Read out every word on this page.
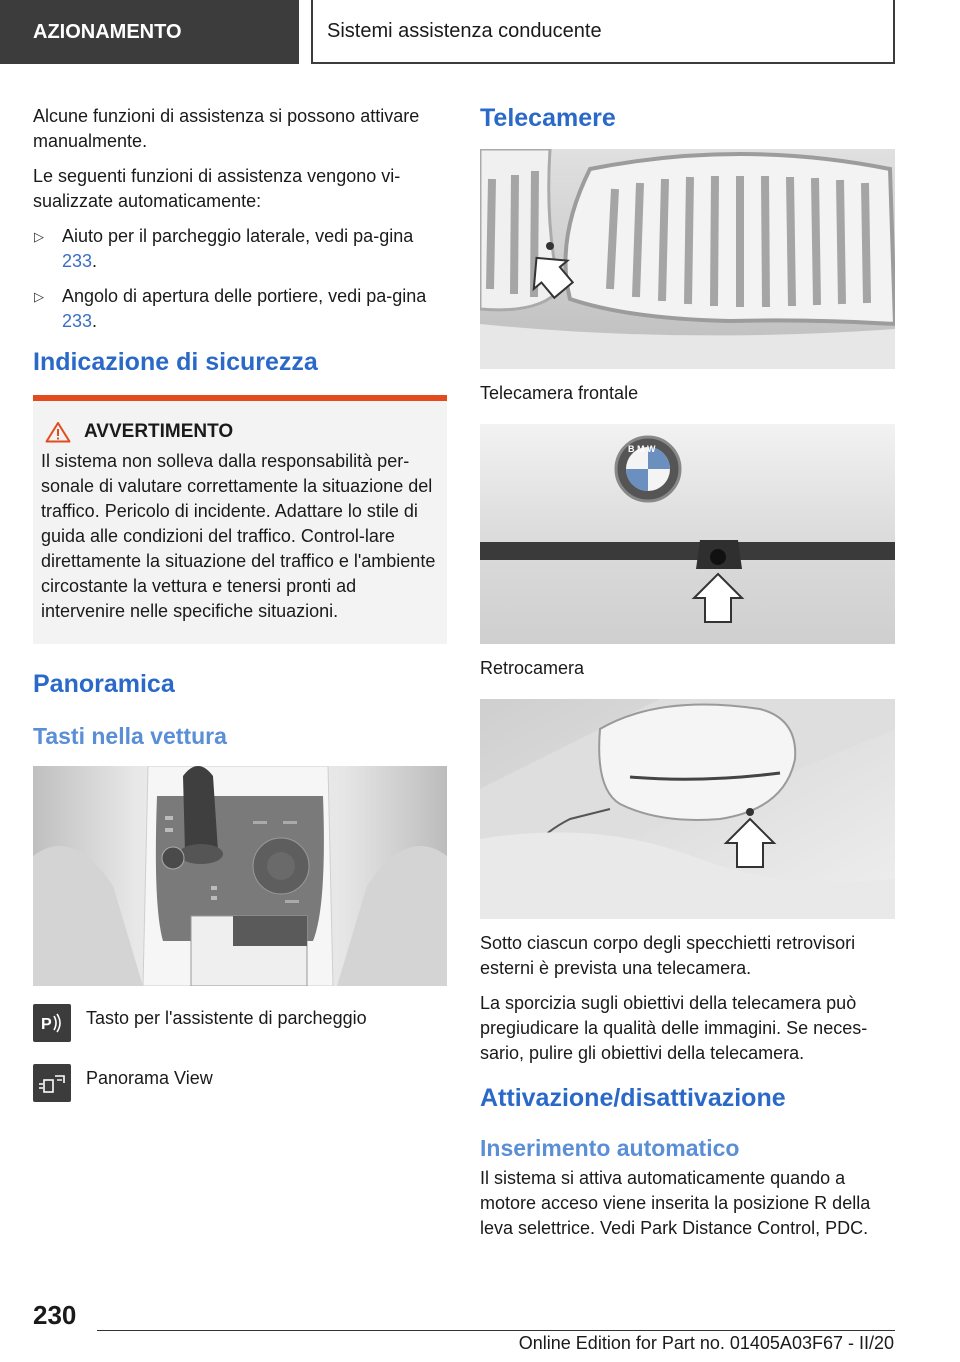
AZIONAMENTO	Sistemi assistenza conducente

Alcune funzioni di assistenza si possono attivare manualmente.

Le seguenti funzioni di assistenza vengono vi-sualizzate automaticamente:

▷ Aiuto per il parcheggio laterale, vedi pa-gina 233.
▷ Angolo di apertura delle portiere, vedi pa-gina 233.
Indicazione di sicurezza
AVVERTIMENTO

Il sistema non solleva dalla responsabilità per-sonale di valutare correttamente la situazione del traffico. Pericolo di incidente. Adattare lo stile di guida alle condizioni del traffico. Control-lare direttamente la situazione del traffico e l'ambiente circostante la vettura e tenersi pronti ad intervenire nelle specifiche situazioni.

Panoramica
Tasti nella vettura
P Tasto per l'assistente di parcheggio
Panorama View
Telecamere

Telecamera frontale

B M W

Retrocamera

Sotto ciascun corpo degli specchietti retrovisori esterni è prevista una telecamera.

La sporcizia sugli obiettivi della telecamera può pregiudicare la qualità delle immagini. Se neces-sario, pulire gli obiettivi della telecamera.

Attivazione/disattivazione
Inserimento automatico

Il sistema si attiva automaticamente quando a motore acceso viene inserita la posizione R della leva selettrice. Vedi Park Distance Control, PDC.

230
Online Edition for Part no. 01405A03F67 - II/20
